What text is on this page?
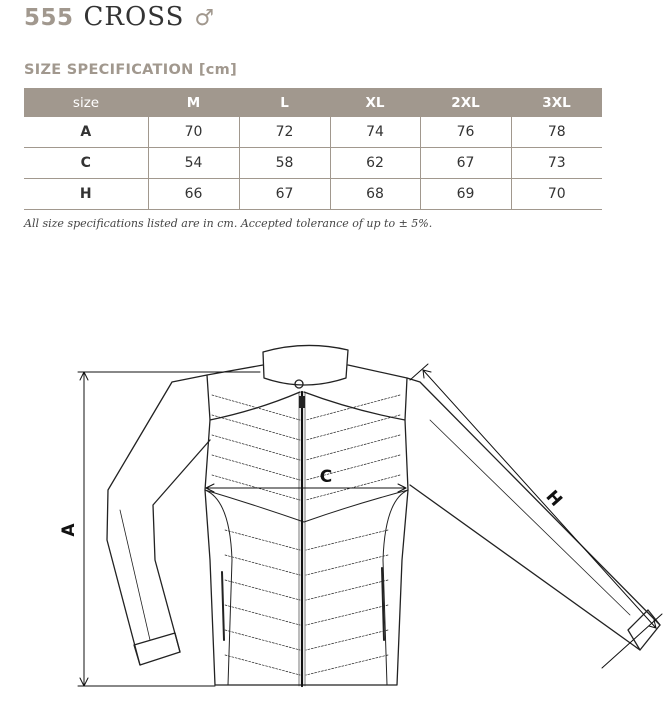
555 CROSS ♂
SIZE SPECIFICATION [cm]
size	M	L	XL	2XL	3XL
A	70	72	74	76	78
C	54	58	62	67	73
H	66	67	68	69	70
All size specifications listed are in cm. Accepted tolerance of up to ± 5%.
A
C
H
